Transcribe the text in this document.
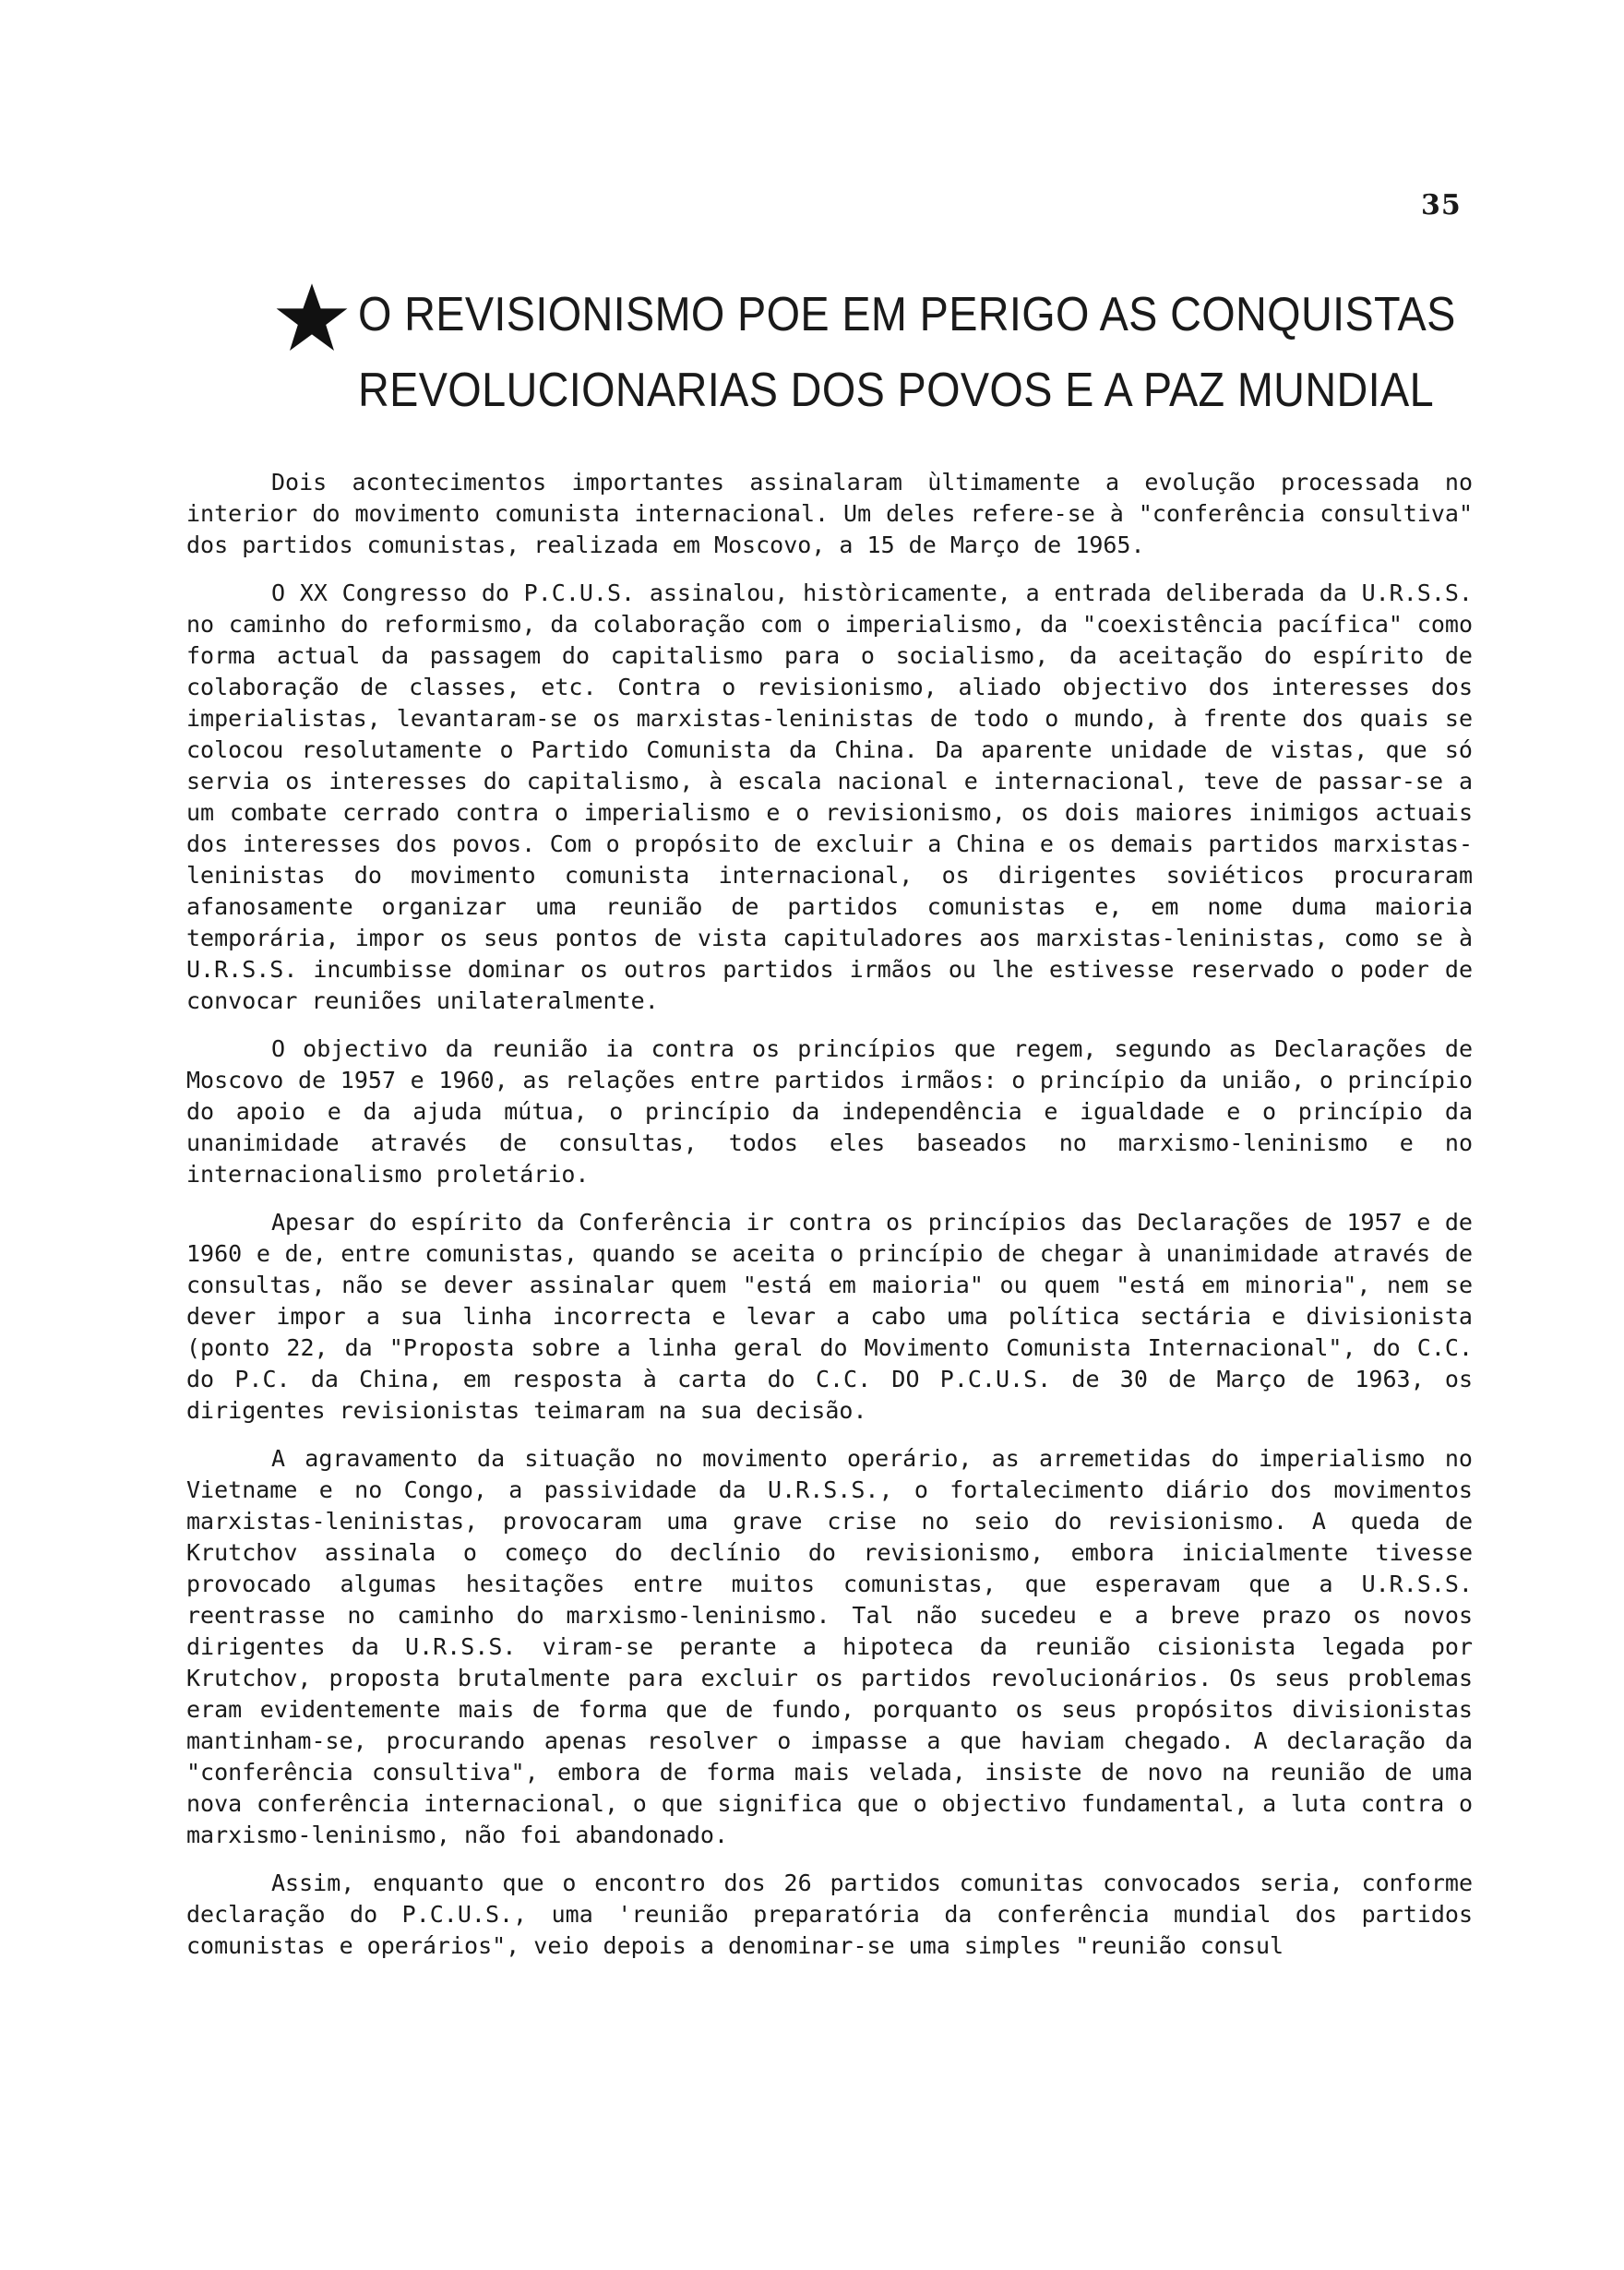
35
O REVISIONISMO POE EM PERIGO AS CONQUISTAS
REVOLUCIONARIAS DOS POVOS E A PAZ MUNDIAL

Dois acontecimentos importantes assinalaram ùltimamente a evolução processada no interior do movimento comunista internacional. Um deles refere-se à "conferência consultiva" dos partidos comunistas, realizada em Moscovo, a 15 de Março de 1965.

O XX Congresso do P.C.U.S. assinalou, històricamente, a entrada deliberada da U.R.S.S. no caminho do reformismo, da colaboração com o imperialismo, da "coexistência pacífica" como forma actual da passagem do capitalismo para o socialismo, da aceitação do espírito de colaboração de classes, etc. Contra o revisionismo, aliado objectivo dos interesses dos imperialistas, levantaram-se os marxistas-leninistas de todo o mundo, à frente dos quais se colocou resolutamente o Partido Comunista da China. Da aparente unidade de vistas, que só servia os interesses do capitalismo, à escala nacional e internacional, teve de passar-se a um combate cerrado contra o imperialismo e o revisionismo, os dois maiores inimigos actuais dos interesses dos povos. Com o propósito de excluir a China e os demais partidos marxistas-leninistas do movimento comunista internacional, os dirigentes soviéticos procuraram afanosamente organizar uma reunião de partidos comunistas e, em nome duma maioria temporária, impor os seus pontos de vista capituladores aos marxistas-leninistas, como se à U.R.S.S. incumbisse dominar os outros partidos irmãos ou lhe estivesse reservado o poder de convocar reuniões unilateralmente.

O objectivo da reunião ia contra os princípios que regem, segundo as Declarações de Moscovo de 1957 e 1960, as relações entre partidos irmãos: o princípio da união, o princípio do apoio e da ajuda mútua, o princípio da independência e igualdade e o princípio da unanimidade através de consultas, todos eles baseados no marxismo-leninismo e no internacionalismo proletário.

Apesar do espírito da Conferência ir contra os princípios das Declarações de 1957 e de 1960 e de, entre comunistas, quando se aceita o princípio de chegar à unanimidade através de consultas, não se dever assinalar quem "está em maioria" ou quem "está em minoria", nem se dever impor a sua linha incorrecta e levar a cabo uma política sectária e divisionista (ponto 22, da "Proposta sobre a linha geral do Movimento Comunista Internacional", do C.C. do P.C. da China, em resposta à carta do C.C. DO P.C.U.S. de 30 de Março de 1963, os dirigentes revisionistas teimaram na sua decisão.

A agravamento da situação no movimento operário, as arremetidas do imperialismo no Vietname e no Congo, a passividade da U.R.S.S., o fortalecimento diário dos movimentos marxistas-leninistas, provocaram uma grave crise no seio do revisionismo. A queda de Krutchov assinala o começo do declínio do revisionismo, embora inicialmente tivesse provocado algumas hesitações entre muitos comunistas, que esperavam que a U.R.S.S. reentrasse no caminho do marxismo-leninismo. Tal não sucedeu e a breve prazo os novos dirigentes da U.R.S.S. viram-se perante a hipoteca da reunião cisionista legada por Krutchov, proposta brutalmente para excluir os partidos revolucionários. Os seus problemas eram evidentemente mais de forma que de fundo, porquanto os seus propósitos divisionistas mantinham-se, procurando apenas resolver o impasse a que haviam chegado. A declaração da "conferência consultiva", embora de forma mais velada, insiste de novo na reunião de uma nova conferência internacional, o que significa que o objectivo fundamental, a luta contra o marxismo-leninismo, não foi abandonado.

Assim, enquanto que o encontro dos 26 partidos comunitas convocados seria, conforme declaração do P.C.U.S., uma 'reunião preparatória da conferência mundial dos partidos comunistas e operários", veio depois a denominar-se uma simples "reunião consul
